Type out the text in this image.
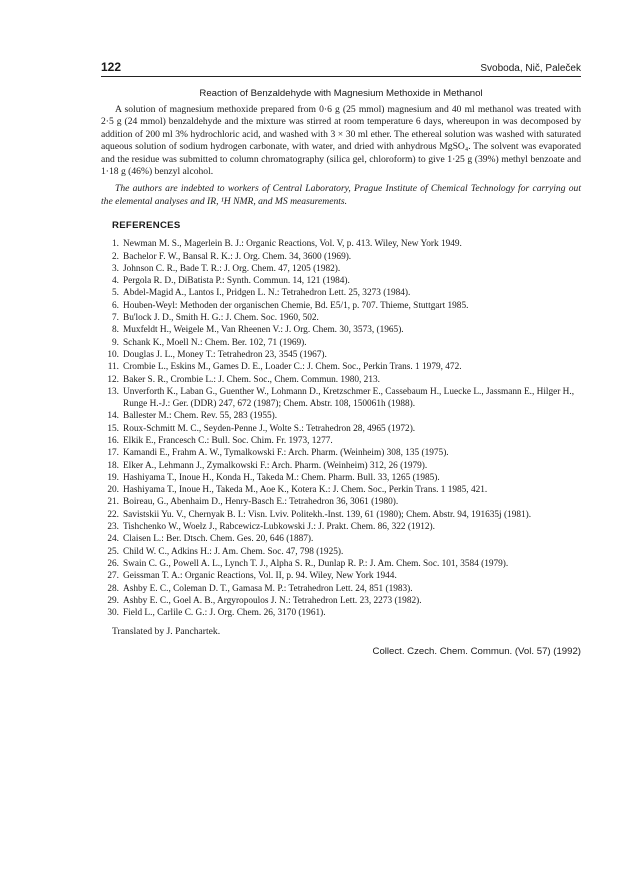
122	Svoboda, Nič, Paleček
Reaction of Benzaldehyde with Magnesium Methoxide in Methanol

A solution of magnesium methoxide prepared from 0·6 g (25 mmol) magnesium and 40 ml methanol was treated with 2·5 g (24 mmol) benzaldehyde and the mixture was stirred at room temperature 6 days, whereupon in was decomposed by addition of 200 ml 3% hydrochloric acid, and washed with 3 × 30 ml ether. The ethereal solution was washed with saturated aqueous solution of sodium hydrogen carbonate, with water, and dried with anhydrous MgSO₄. The solvent was evaporated and the residue was submitted to column chromatography (silica gel, chloroform) to give 1·25 g (39%) methyl benzoate and 1·18 g (46%) benzyl alcohol.

The authors are indebted to workers of Central Laboratory, Prague Institute of Chemical Technology for carrying out the elemental analyses and IR, ¹H NMR, and MS measurements.

REFERENCES
1. Newman M. S., Magerlein B. J.: Organic Reactions, Vol. V, p. 413. Wiley, New York 1949.
2. Bachelor F. W., Bansal R. K.: J. Org. Chem. 34, 3600 (1969).
3. Johnson C. R., Bade T. R.: J. Org. Chem. 47, 1205 (1982).
4. Pergola R. D., DiBatista P.: Synth. Commun. 14, 121 (1984).
5. Abdel-Magid A., Lantos I., Pridgen L. N.: Tetrahedron Lett. 25, 3273 (1984).
6. Houben-Weyl: Methoden der organischen Chemie, Bd. E5/1, p. 707. Thieme, Stuttgart 1985.
7. Bu'lock J. D., Smith H. G.: J. Chem. Soc. 1960, 502.
8. Muxfeldt H., Weigele M., Van Rheenen V.: J. Org. Chem. 30, 3573, (1965).
9. Schank K., Moell N.: Chem. Ber. 102, 71 (1969).
10. Douglas J. L., Money T.: Tetrahedron 23, 3545 (1967).
11. Crombie L., Eskins M., Games D. E., Loader C.: J. Chem. Soc., Perkin Trans. 1 1979, 472.
12. Baker S. R., Crombie L.: J. Chem. Soc., Chem. Commun. 1980, 213.
13. Unverforth K., Laban G., Guenther W., Lohmann D., Kretzschmer E., Cassebaum H., Luecke L., Jassmann E., Hilger H., Runge H.-J.: Ger. (DDR) 247, 672 (1987); Chem. Abstr. 108, 150061h (1988).
14. Ballester M.: Chem. Rev. 55, 283 (1955).
15. Roux-Schmitt M. C., Seyden-Penne J., Wolte S.: Tetrahedron 28, 4965 (1972).
16. Elkik E., Francesch C.: Bull. Soc. Chim. Fr. 1973, 1277.
17. Kamandi E., Frahm A. W., Tymalkowski F.: Arch. Pharm. (Weinheim) 308, 135 (1975).
18. Elker A., Lehmann J., Zymalkowski F.: Arch. Pharm. (Weinheim) 312, 26 (1979).
19. Hashiyama T., Inoue H., Konda H., Takeda M.: Chem. Pharm. Bull. 33, 1265 (1985).
20. Hashiyama T., Inoue H., Takeda M., Aoe K., Kotera K.: J. Chem. Soc., Perkin Trans. 1 1985, 421.
21. Boireau, G., Abenhaim D., Henry-Basch E.: Tetrahedron 36, 3061 (1980).
22. Savistskii Yu. V., Chernyak B. I.: Visn. Lviv. Politekh.-Inst. 139, 61 (1980); Chem. Abstr. 94, 191635j (1981).
23. Tishchenko W., Woelz J., Rabcewicz-Lubkowski J.: J. Prakt. Chem. 86, 322 (1912).
24. Claisen L.: Ber. Dtsch. Chem. Ges. 20, 646 (1887).
25. Child W. C., Adkins H.: J. Am. Chem. Soc. 47, 798 (1925).
26. Swain C. G., Powell A. L., Lynch T. J., Alpha S. R., Dunlap R. P.: J. Am. Chem. Soc. 101, 3584 (1979).
27. Geissman T. A.: Organic Reactions, Vol. II, p. 94. Wiley, New York 1944.
28. Ashby E. C., Coleman D. T., Gamasa M. P.: Tetrahedron Lett. 24, 851 (1983).
29. Ashby E. C., Goel A. B., Argyropoulos J. N.: Tetrahedron Lett. 23, 2273 (1982).
30. Field L., Carlile C. G.: J. Org. Chem. 26, 3170 (1961).
Translated by J. Panchartek.
Collect. Czech. Chem. Commun. (Vol. 57) (1992)
